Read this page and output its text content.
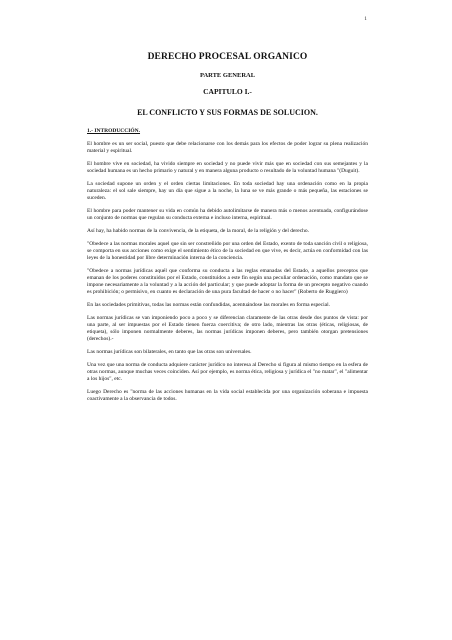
1
DERECHO PROCESAL ORGANICO
PARTE GENERAL
CAPITULO I.-
EL CONFLICTO Y SUS FORMAS DE SOLUCION.
1.- INTRODUCCIÓN.

El hombre es un ser social, puesto que debe relacionarse con los demás para los efectos de poder lograr su plena realización material y espiritual.

El hombre vive en sociedad, ha vivido siempre en sociedad y no puede vivir más que en sociedad con sus semejantes y la sociedad humana es un hecho primario y natural y en manera alguna producto o resultado de la voluntad humana "(Duguit).

La sociedad supone un orden y el orden ciertas limitaciones. En toda sociedad hay una ordenación como en la propia naturaleza: el sol sale siempre, hay un día que sigue a la noche, la luna se ve más grande o más pequeña, las estaciones se suceden.

El hombre para poder mantener su vida en común ha debido autolimitarse de manera más o menos acentuada, configurándose un conjunto de normas que regulan su conducta externa e incluso interna, espiritual.

Así hay, ha habido normas de la convivencia, de la etiqueta, de la moral, de la religión y del derecho.

"Obedece a las normas morales aquel que sin ser constreñido por una orden del Estado, exento de toda sanción civil o religiosa, se comporta en sus acciones como exige el sentimiento ético de la sociedad en que vive, es decir, actúa en conformidad con las leyes de la honestidad por libre determinación interna de la conciencia.

"Obedece a normas jurídicas aquél que conforma su conducta a las reglas emanadas del Estado, a aquellos preceptos que emanan de los poderes constituidos por el Estado, constituidos a este fin según una peculiar ordenación, como mandato que se impone necesariamente a la voluntad y a la acción del particular; y que puede adoptar la forma de un precepto negativo cuando es prohibición; o permisivo, en cuanto es declaración de una pura facultad de hacer o no hacer" (Roberto de Ruggiero)

En las sociedades primitivas, todas las normas están confundidas, acentuándose las morales en forma especial.

Las normas jurídicas se van imponiendo poco a poco y se diferencian claramente de las otras desde dos puntos de vista: por una parte, al ser impuestas por el Estado tienen fuerza coercitiva; de otro lado, mientras las otras (éticas, religiosas, de etiqueta), sólo imponen normalmente deberes, las normas jurídicas imponen deberes, pero también otorgan pretensiones (derechos).-

Las normas jurídicas son bilaterales, en tanto que las otras son universales.

Una vez que una norma de conducta adquiere carácter jurídico no interesa al Derecho si figura al mismo tiempo en la esfera de otras normas, aunque muchas veces coinciden. Así por ejemplo, es norma ética, religiosa y jurídica el "no matar", el "alimentar a los hijos", etc.

Luego Derecho es "norma de las acciones humanas en la vida social establecida por una organización soberana e impuesta coactivamente a la observancia de todos.
